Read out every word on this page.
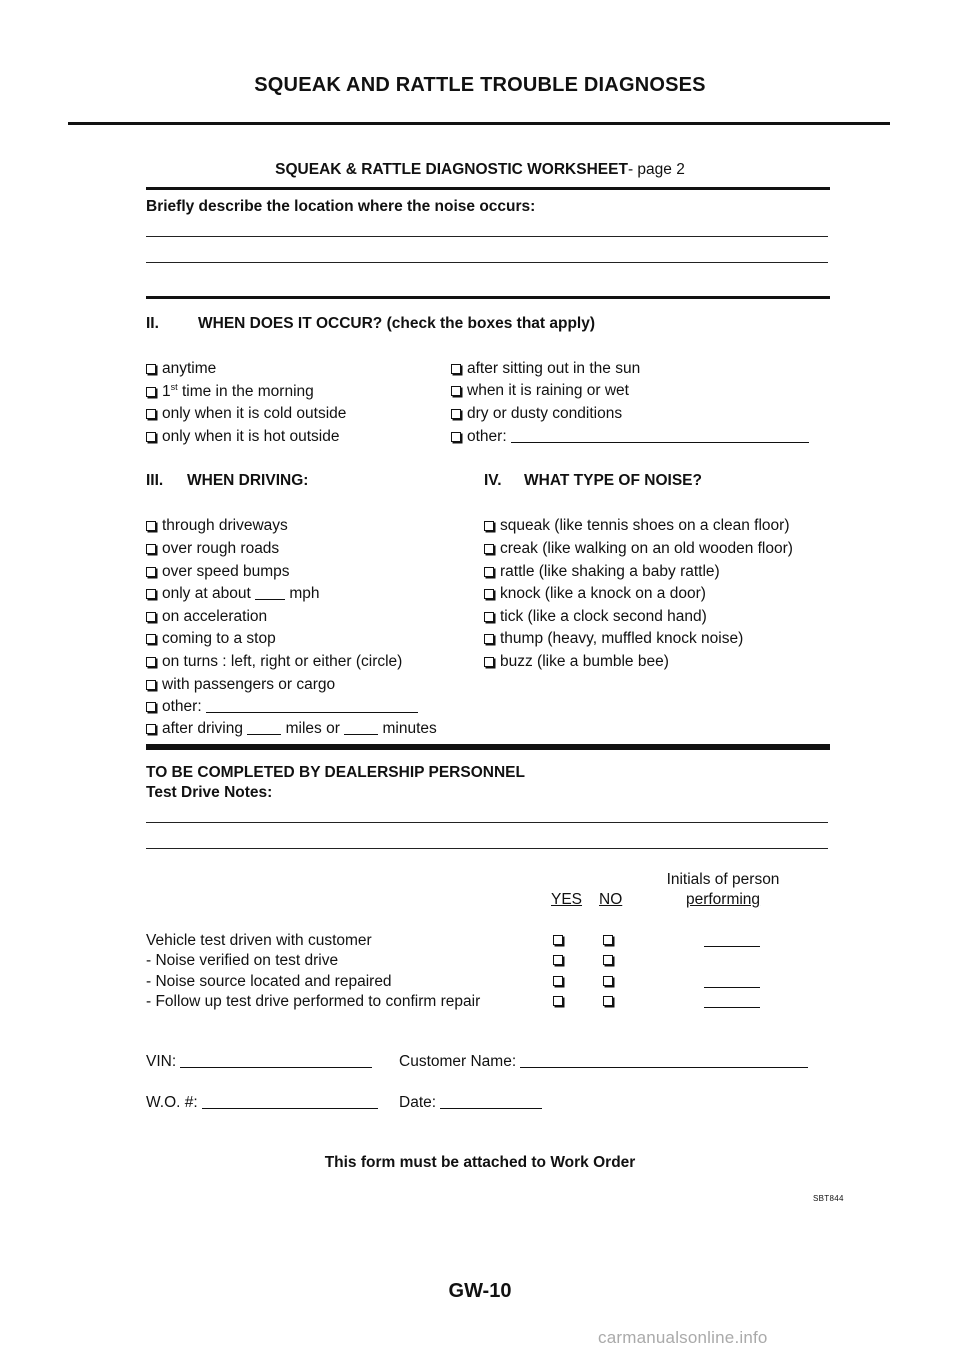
SQUEAK AND RATTLE TROUBLE DIAGNOSES
SQUEAK & RATTLE DIAGNOSTIC WORKSHEET- page 2
Briefly describe the location where the noise occurs:
II.	WHEN DOES IT OCCUR? (check the boxes that apply)
anytime
1st time in the morning
only when it is cold outside
only when it is hot outside
after sitting out in the sun
when it is raining or wet
dry or dusty conditions
other:
III. WHEN DRIVING:
through driveways
over rough roads
over speed bumps
only at about mph
on acceleration
coming to a stop
on turns : left, right or either (circle)
with passengers or cargo
other:
after driving	miles or	minutes
IV. WHAT TYPE OF NOISE?
squeak (like tennis shoes on a clean floor)
creak (like walking on an old wooden floor)
rattle (like shaking a baby rattle)
knock (like a knock on a door)
tick (like a clock second hand)
thump (heavy, muffled knock noise)
buzz (like a bumble bee)
TO BE COMPLETED BY DEALERSHIP PERSONNEL
Test Drive Notes:
Initials of person
performing
YES NO
Vehicle test driven with customer
- Noise verified on test drive
- Noise source located and repaired
- Follow up test drive performed to confirm repair
VIN:	Customer Name:
W.O. #:	Date:
This form must be attached to Work Order
SBT844
GW-10
carmanualsonline.info
